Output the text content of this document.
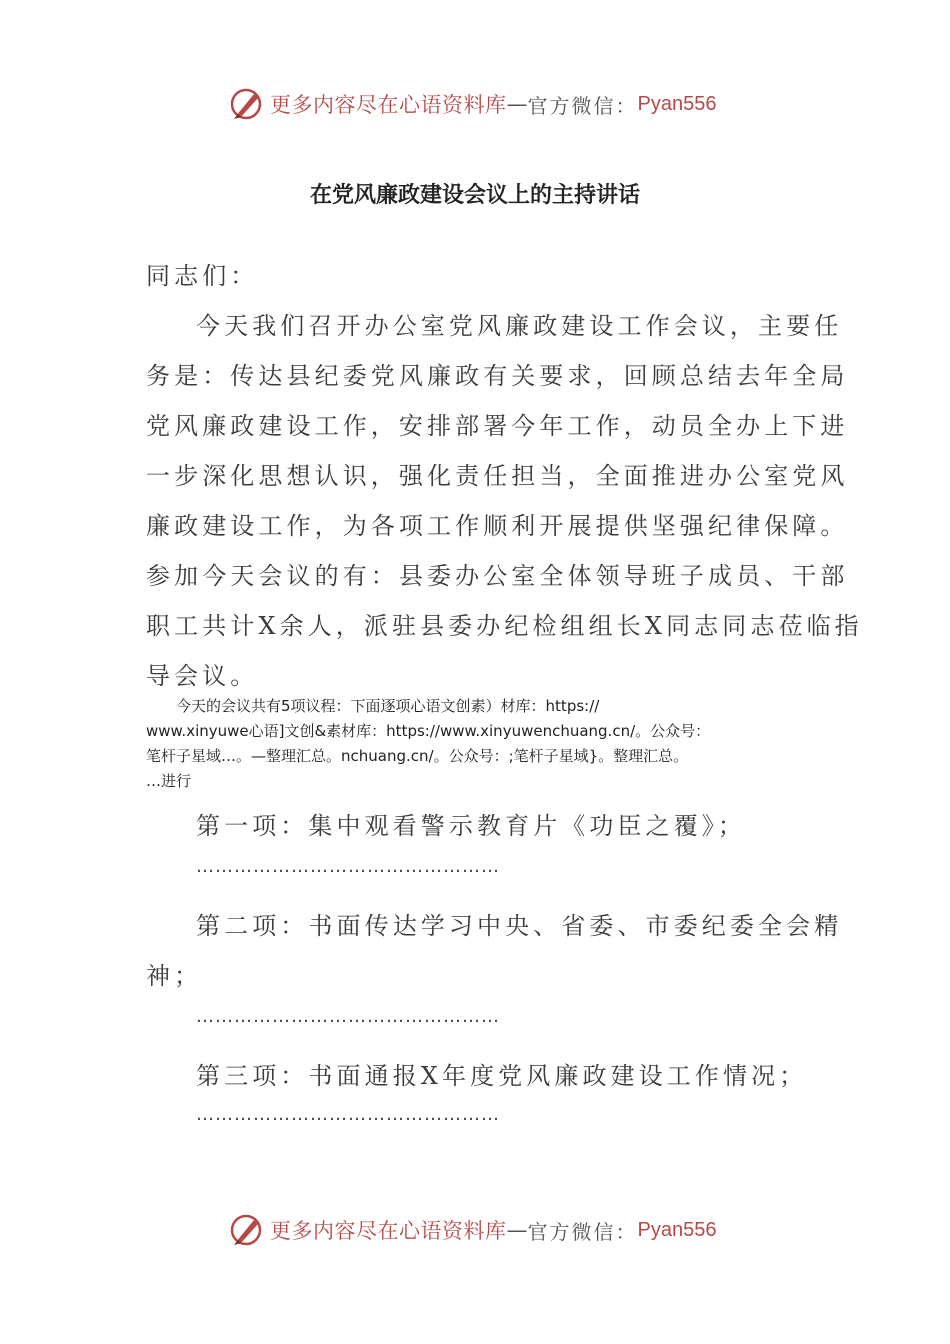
更多内容尽在心语资料库 — 官方微信： Pyan556
在党风廉政建设会议上的主持讲话
同志们：
今天我们召开办公室党风廉政建设工作会议，主要任
务是：传达县纪委党风廉政有关要求，回顾总结去年全局
党风廉政建设工作，安排部署今年工作，动员全办上下进
一步深化思想认识，强化责任担当，全面推进办公室党风
廉政建设工作，为各项工作顺利开展提供坚强纪律保障。
参加今天会议的有：县委办公室全体领导班子成员、干部
职工共计X余人，派驻县委办纪检组组长X同志同志莅临指
导会议。
　　今天的会议共有5项议程：下面逐项心语文创素）材库：https://
www.xinyuwe心语]文创&素材库：https://www.xinyuwenchuang.cn/。公众号：
笔杆子星域…。—整理汇总。nchuang.cn/。公众号：;笔杆子星域}。整理汇总。
…进行
第一项：集中观看警示教育片《功臣之覆》；
…………………………………………
第二项：书面传达学习中央、省委、市委纪委全会精
神；
…………………………………………
第三项：书面通报X年度党风廉政建设工作情况；
…………………………………………
更多内容尽在心语资料库 — 官方微信： Pyan556
